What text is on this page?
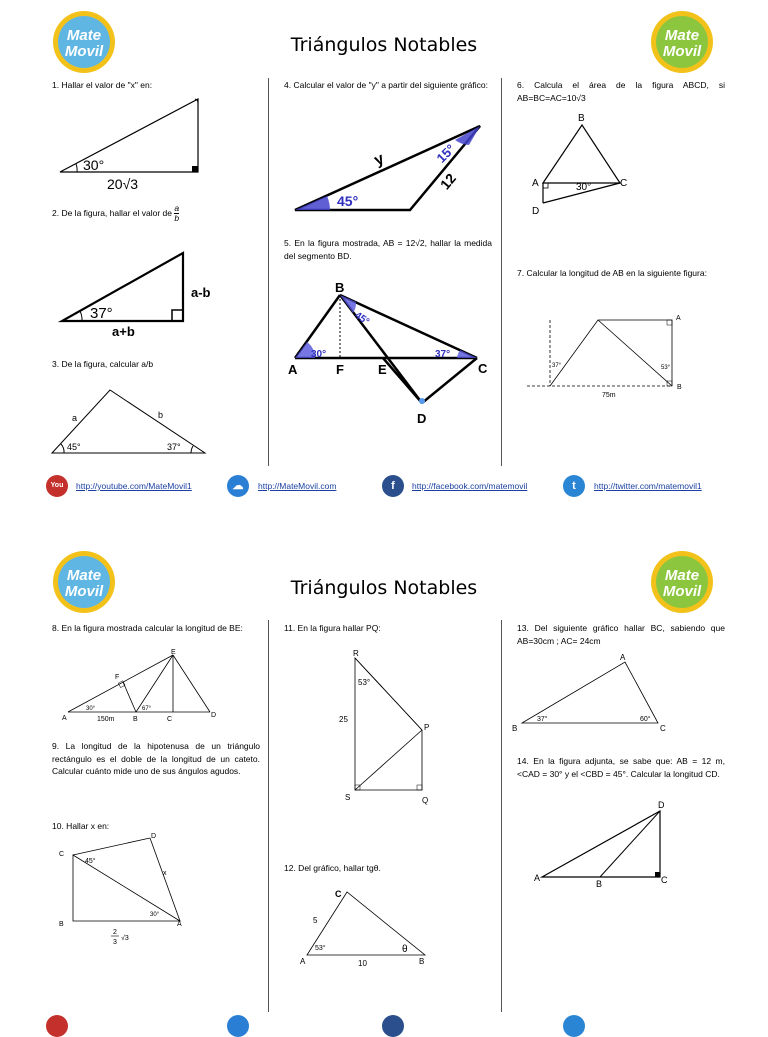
Mate
Movil
Mate
Movil
Triángulos Notables
1. Hallar el valor de "x" en:
30°
20√3
2. De la figura, hallar el valor de $\frac{a}{b}$
37°
a-b
a+b
3. De la figura, calcular a/b
a	b
45°	37°
4. Calcular el valor de "y" a partir del siguiente gráfico:
45°
15°
y
12
5. En la figura mostrada, AB = 12√2, hallar la medida del segmento BD.
30°	37°
45°
B
A	F	E	C
D
6. Calcula el área de la figura ABCD, si AB=BC=AC=10√3
B
A	C
D
30°
7. Calcular la longitud de AB en la siguiente figura:
A
B
37°	53°
75m
You	http://youtube.com/MateMovil1	☁	http://MateMovil.com	f	http://facebook.com/matemovil	t	http://twitter.com/matemovil1
Mate
Movil
Mate
Movil
Triángulos Notables
8. En la figura mostrada calcular la longitud de BE:
E
F
A	B	C
D
30°	67°
150m
9. La longitud de la hipotenusa de un triángulo rectángulo es el doble de la longitud de un cateto. Calcular cuánto mide uno de sus ángulos agudos.
10. Hallar x en:
C
D
B	A
45°
x
30°
2
3
√3
11. En la figura hallar PQ:
R
53°
25
P
S	Q
12. Del gráfico, hallar tgθ.
C
5
53°	θ
A	B
10
13. Del siguiente gráfico hallar BC, sabiendo que AB=30cm ; AC= 24cm
A
B	C
37°	60°
14. En la figura adjunta, se sabe que: AB = 12 m, <CAD = 30° y el <CBD = 45°. Calcular la longitud CD.
D
A
B	C
